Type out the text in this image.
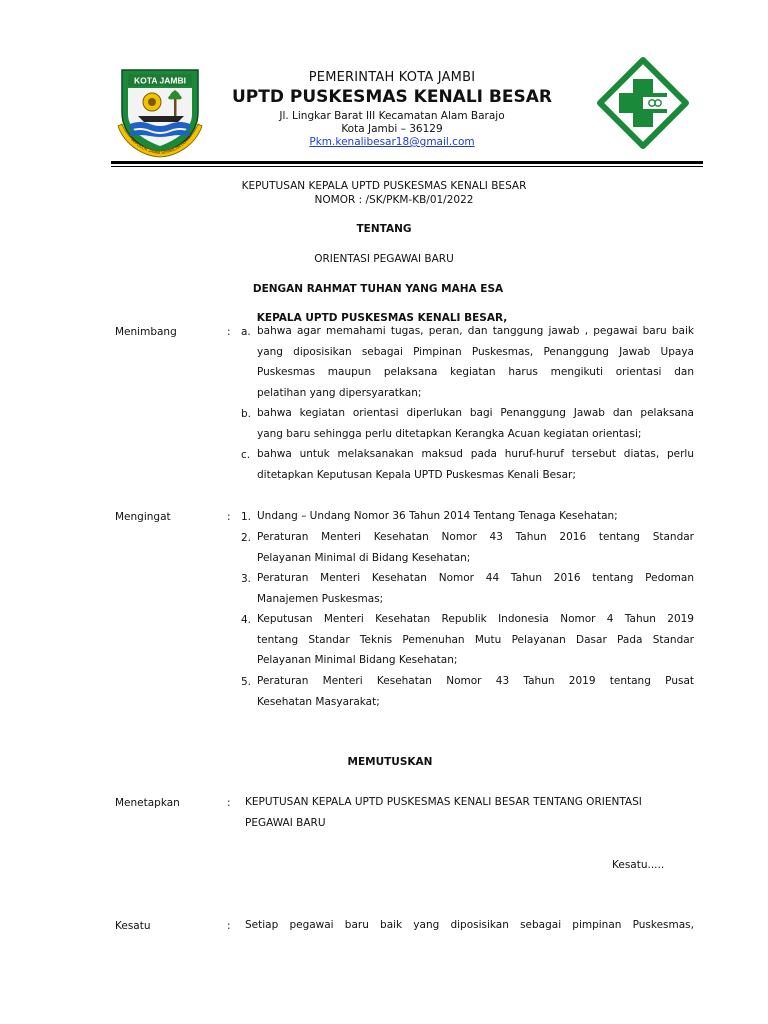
KOTA JAMBI
SEPUCUK JAMBI SEMBILAN LURAH
PEMERINTAH KOTA JAMBI
UPTD PUSKESMAS KENALI BESAR
Jl. Lingkar Barat III Kecamatan Alam Barajo
Kota Jambi – 36129
Pkm.kenalibesar18@gmail.com
KEPUTUSAN KEPALA UPTD PUSKESMAS KENALI BESAR
NOMOR : /SK/PKM-KB/01/2022
TENTANG
ORIENTASI PEGAWAI BARU
DENGAN RAHMAT TUHAN YANG MAHA ESA
KEPALA UPTD PUSKESMAS KENALI BESAR,
Menimbang	: a. bahwa agar memahami tugas, peran, dan tanggung jawab , pegawai baru baik
yang diposisikan sebagai Pimpinan Puskesmas, Penanggung Jawab Upaya
Puskesmas maupun pelaksana kegiatan harus mengikuti orientasi dan
pelatihan yang dipersyaratkan;
b. bahwa kegiatan orientasi diperlukan bagi Penanggung Jawab dan pelaksana
yang baru sehingga perlu ditetapkan Kerangka Acuan kegiatan orientasi;
c. bahwa untuk melaksanakan maksud pada huruf-huruf tersebut diatas, perlu
ditetapkan Keputusan Kepala UPTD Puskesmas Kenali Besar;
Mengingat	: 1. Undang – Undang Nomor 36 Tahun 2014 Tentang Tenaga Kesehatan;
2. Peraturan Menteri Kesehatan Nomor 43 Tahun 2016 tentang Standar
Pelayanan Minimal di Bidang Kesehatan;
3. Peraturan Menteri Kesehatan Nomor 44 Tahun 2016 tentang Pedoman
Manajemen Puskesmas;
4. Keputusan Menteri Kesehatan Republik Indonesia Nomor 4 Tahun 2019
tentang Standar Teknis Pemenuhan Mutu Pelayanan Dasar Pada Standar
Pelayanan Minimal Bidang Kesehatan;
5. Peraturan Menteri Kesehatan Nomor 43 Tahun 2019 tentang Pusat
Kesehatan Masyarakat;
MEMUTUSKAN
Menetapkan	: KEPUTUSAN KEPALA UPTD PUSKESMAS KENALI BESAR TENTANG ORIENTASI
PEGAWAI BARU
Kesatu.....
Kesatu	: Setiap pegawai baru baik yang diposisikan sebagai pimpinan Puskesmas,
